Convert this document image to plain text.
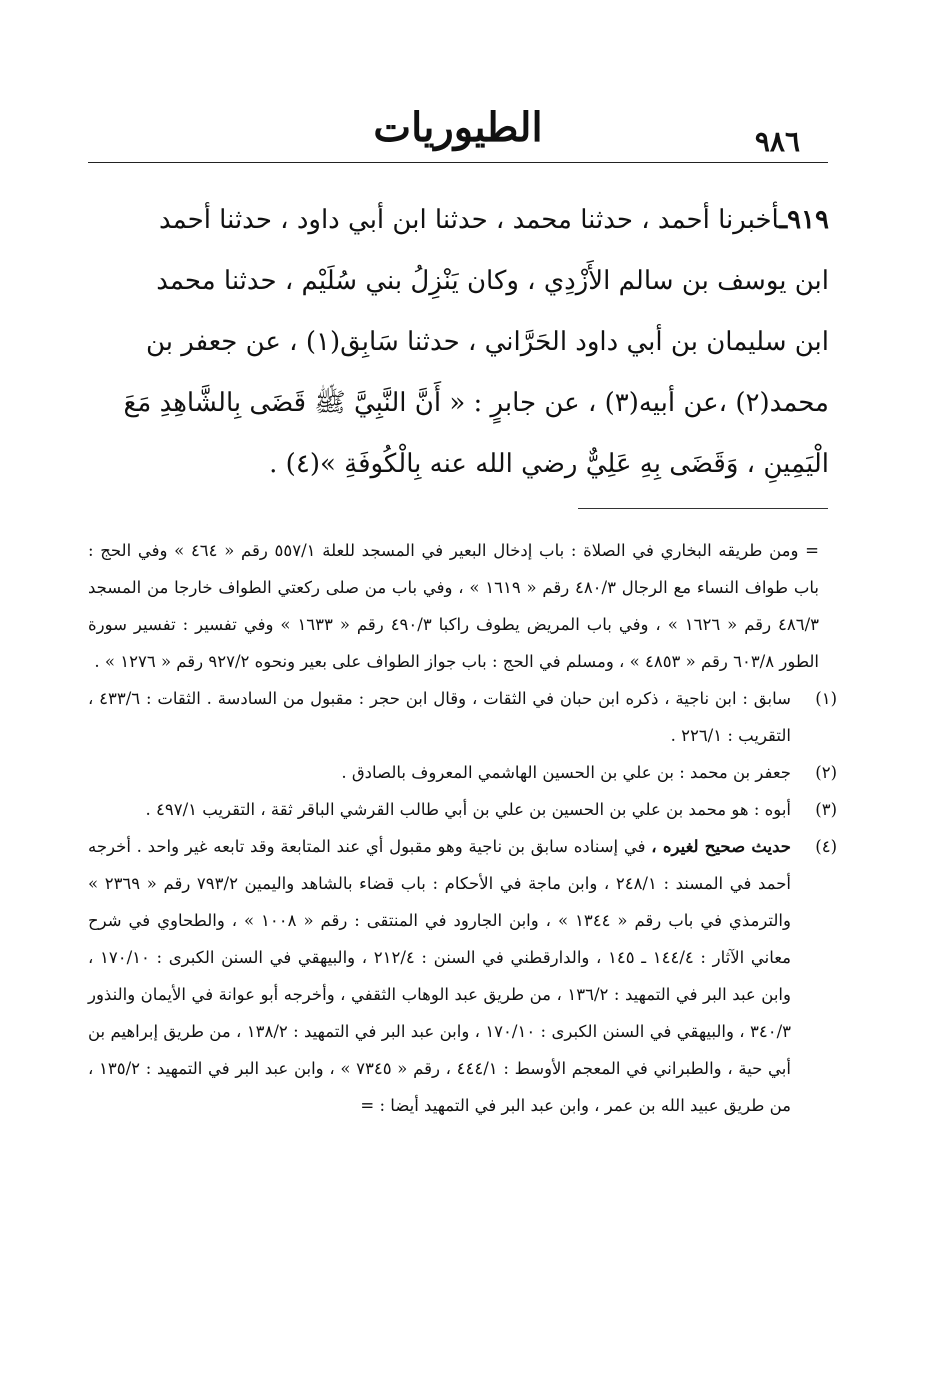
الطيوريات	٩٨٦

٩١٩ـأخبرنا أحمد ، حدثنا محمد ، حدثنا ابن أبي داود ، حدثنا أحمد

ابن يوسف بن سالم الأَزْدِي ، وكان يَنْزِلُ بني سُلَيْم ، حدثنا محمد

ابن سليمان بن أبي داود الحَرَّاني ، حدثنا سَابِق(١) ، عن جعفر بن

محمد(٢) ،عن أبيه(٣) ، عن جابرٍ : « أَنَّ النَّبِيَّ ﷺ قَضَى بِالشَّاهِدِ مَعَ

الْيَمِينِ ، وَقَضَى بِهِ عَلِيٌّ رضي الله عنه بِالْكُوفَةِ »(٤) .

= ومن طريقه البخاري في الصلاة : باب إدخال البعير في المسجد للعلة ٥٥٧/١ رقم « ٤٦٤ » وفي الحج : باب طواف النساء مع الرجال ٤٨٠/٣ رقم « ١٦١٩ » ، وفي باب من صلى ركعتي الطواف خارجا من المسجد ٤٨٦/٣ رقم « ١٦٢٦ » ، وفي باب المريض يطوف راكبا ٤٩٠/٣ رقم « ١٦٣٣ » وفي تفسير : تفسير سورة الطور ٦٠٣/٨ رقم « ٤٨٥٣ » ، ومسلم في الحج : باب جواز الطواف على بعير ونحوه ٩٢٧/٢ رقم « ١٢٧٦ » .

(١)
سابق : ابن ناجية ، ذكره ابن حبان في الثقات ، وقال ابن حجر : مقبول من السادسة . الثقات : ٤٣٣/٦ ، التقريب : ٢٢٦/١ .

(٢)
جعفر بن محمد : بن علي بن الحسين الهاشمي المعروف بالصادق .

(٣)
أبوه : هو محمد بن علي بن الحسين بن علي بن أبي طالب القرشي الباقر ثقة ، التقريب ٤٩٧/١ .

(٤)
حديث صحيح لغيره ، في إسناده سابق بن ناجية وهو مقبول أي عند المتابعة وقد تابعه غير واحد . أخرجه أحمد في المسند : ٢٤٨/١ ، وابن ماجة في الأحكام : باب قضاء بالشاهد واليمين ٧٩٣/٢ رقم « ٢٣٦٩ » والترمذي في باب رقم « ١٣٤٤ » ، وابن الجارود في المنتقى : رقم « ١٠٠٨ » ، والطحاوي في شرح معاني الآثار : ١٤٤/٤ ـ ١٤٥ ، والدارقطني في السنن : ٢١٢/٤ ، والبيهقي في السنن الكبرى : ١٧٠/١٠ ، وابن عبد البر في التمهيد : ١٣٦/٢ ، من طريق عبد الوهاب الثقفي ، وأخرجه أبو عوانة في الأيمان والنذور ٣٤٠/٣ ، والبيهقي في السنن الكبرى : ١٧٠/١٠ ، وابن عبد البر في التمهيد : ١٣٨/٢ ، من طريق إبراهيم بن أبي حية ، والطبراني في المعجم الأوسط : ٤٤٤/١ ، رقم « ٧٣٤٥ » ، وابن عبد البر في التمهيد : ١٣٥/٢ ، من طريق عبيد الله بن عمر ، وابن عبد البر في التمهيد أيضا : =
